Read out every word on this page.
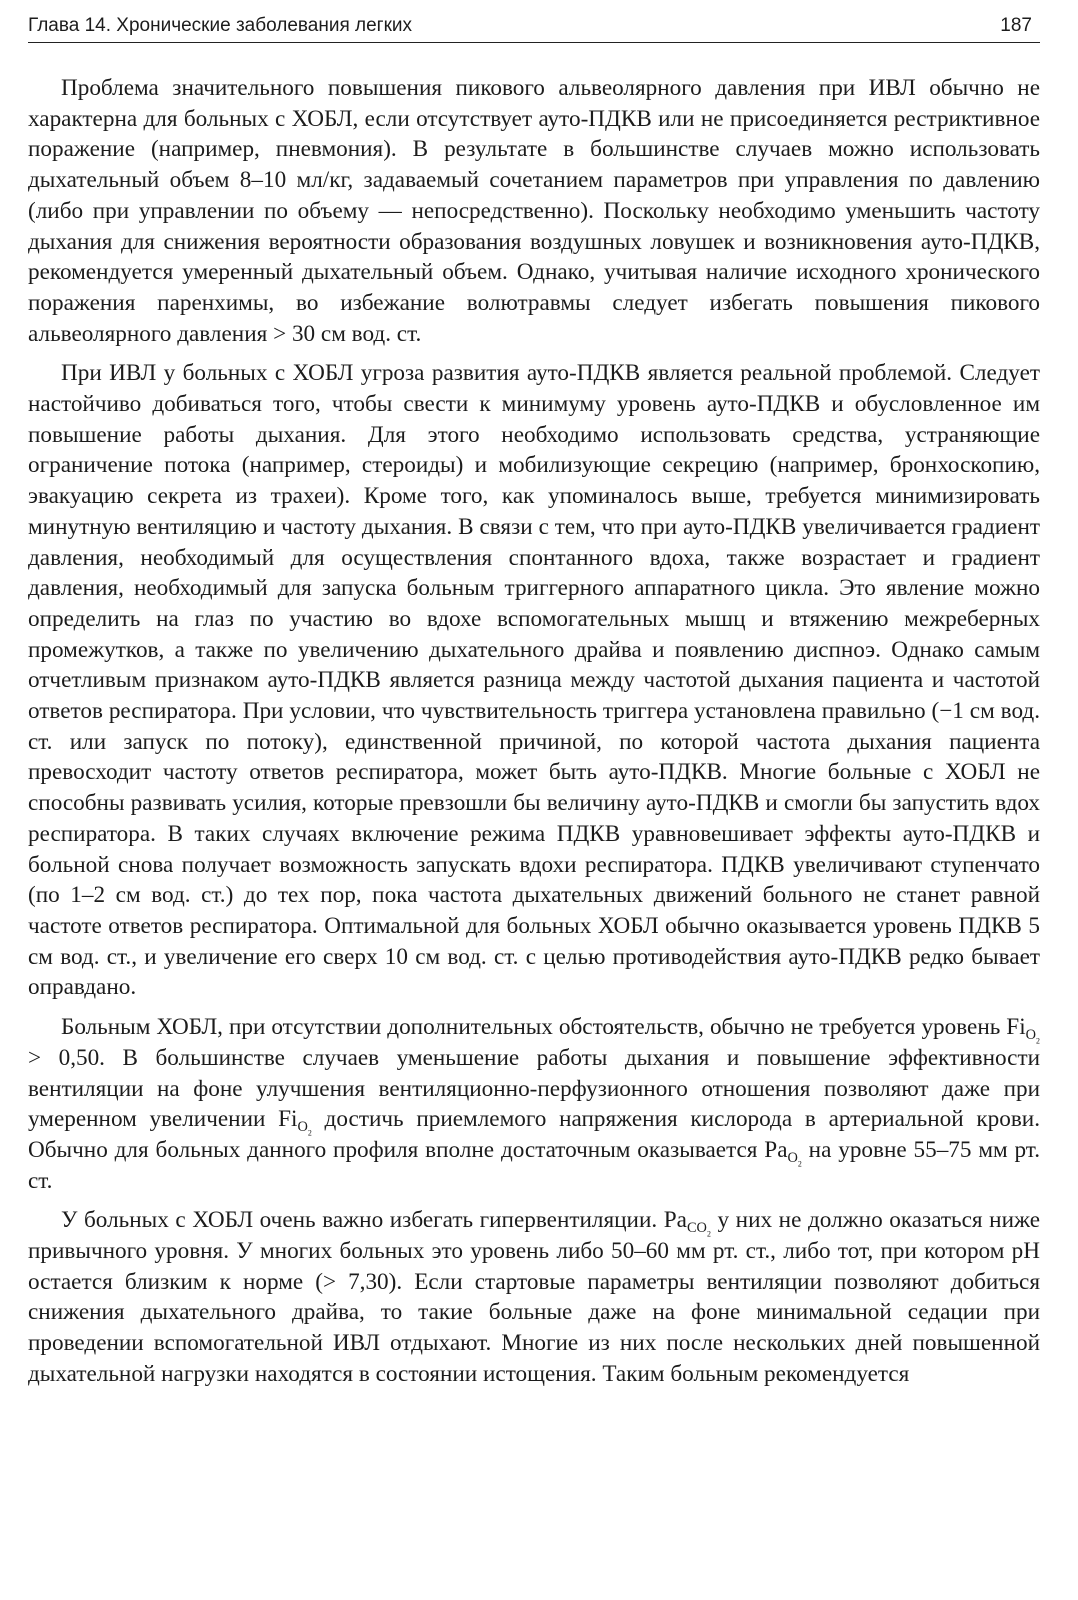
Глава 14. Хронические заболевания легких	187

Проблема значительного повышения пикового альвеолярного давления при ИВЛ обычно не характерна для больных с ХОБЛ, если отсутствует ауто-ПДКВ или не присоединяется рестриктивное поражение (например, пневмония). В результате в большинстве случаев можно использовать дыхательный объем 8–10 мл/кг, задаваемый сочетанием параметров при управления по давлению (либо при управлении по объему — непосредственно). Поскольку необходимо уменьшить частоту дыхания для снижения вероятности образования воздушных ловушек и возникновения ауто-ПДКВ, рекомендуется умеренный дыхательный объем. Однако, учитывая наличие исходного хронического поражения паренхимы, во избежание волютравмы следует избегать повышения пикового альвеолярного давления > 30 см вод. ст.

При ИВЛ у больных с ХОБЛ угроза развития ауто-ПДКВ является реальной проблемой. Следует настойчиво добиваться того, чтобы свести к минимуму уровень ауто-ПДКВ и обусловленное им повышение работы дыхания. Для этого необходимо использовать средства, устраняющие ограничение потока (например, стероиды) и мобилизующие секрецию (например, бронхоскопию, эвакуацию секрета из трахеи). Кроме того, как упоминалось выше, требуется минимизировать минутную вентиляцию и частоту дыхания. В связи с тем, что при ауто-ПДКВ увеличивается градиент давления, необходимый для осуществления спонтанного вдоха, также возрастает и градиент давления, необходимый для запуска больным триггерного аппаратного цикла. Это явление можно определить на глаз по участию во вдохе вспомогательных мышц и втяжению межреберных промежутков, а также по увеличению дыхательного драйва и появлению диспноэ. Однако самым отчетливым признаком ауто-ПДКВ является разница между частотой дыхания пациента и частотой ответов респиратора. При условии, что чувствительность триггера установлена правильно (−1 см вод. ст. или запуск по потоку), единственной причиной, по которой частота дыхания пациента превосходит частоту ответов респиратора, может быть ауто-ПДКВ. Многие больные с ХОБЛ не способны развивать усилия, которые превзошли бы величину ауто-ПДКВ и смогли бы запустить вдох респиратора. В таких случаях включение режима ПДКВ уравновешивает эффекты ауто-ПДКВ и больной снова получает возможность запускать вдохи респиратора. ПДКВ увеличивают ступенчато (по 1–2 см вод. ст.) до тех пор, пока частота дыхательных движений больного не станет равной частоте ответов респиратора. Оптимальной для больных ХОБЛ обычно оказывается уровень ПДКВ 5 см вод. ст., и увеличение его сверх 10 см вод. ст. с целью противодействия ауто-ПДКВ редко бывает оправдано.

Больным ХОБЛ, при отсутствии дополнительных обстоятельств, обычно не требуется уровень $Fi_{O_2} > 0,50$. В большинстве случаев уменьшение работы дыхания и повышение эффективности вентиляции на фоне улучшения вентиляционно-перфузионного отношения позволяют даже при умеренном увеличении $Fi_{O_2}$ достичь приемлемого напряжения кислорода в артериальной крови. Обычно для больных данного профиля вполне достаточным оказывается $Pa_{O_2}$ на уровне 55–75 мм рт. ст.

У больных с ХОБЛ очень важно избегать гипервентиляции. $Pa_{CO_2}$ у них не должно оказаться ниже привычного уровня. У многих больных это уровень либо 50–60 мм рт. ст., либо тот, при котором pH остается близким к норме (> 7,30). Если стартовые параметры вентиляции позволяют добиться снижения дыхательного драйва, то такие больные даже на фоне минимальной седации при проведении вспомогательной ИВЛ отдыхают. Многие из них после нескольких дней повышенной дыхательной нагрузки находятся в состоянии истощения. Таким больным рекомендуется
